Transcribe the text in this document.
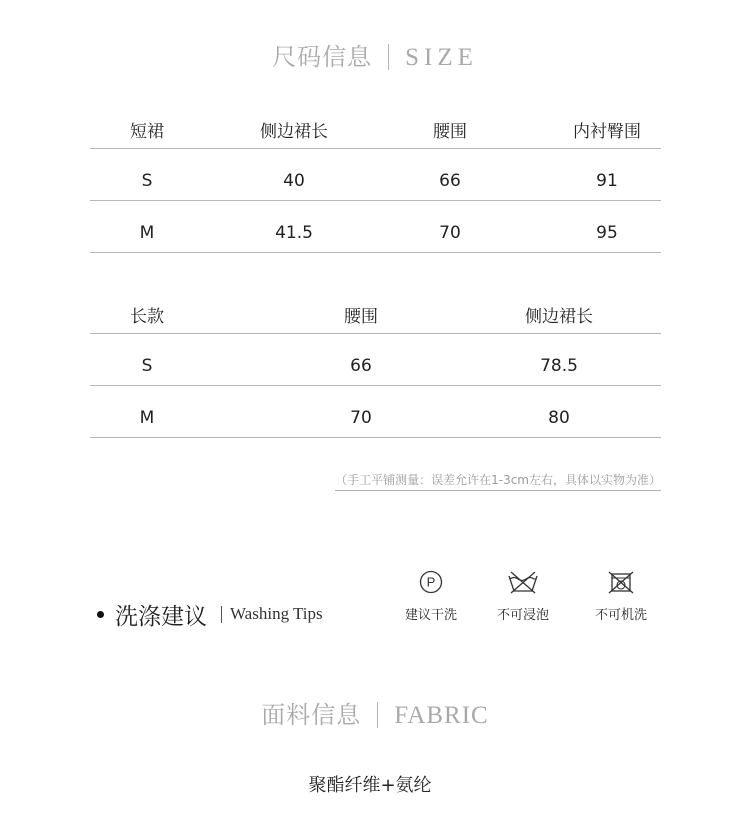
尺码信息 SIZE
短裙	侧边裙长	腰围	内衬臀围
S	40	66	91
M	41.5	70	95
长款	腰围	侧边裙长
S	66	78.5
M	70	80
（手工平铺测量：误差允许在1-3cm左右，具体以实物为准）
洗涤建议 Washing Tips
P
建议干洗	不可浸泡	不可机洗
面料信息 FABRIC
聚酯纤维+氨纶
